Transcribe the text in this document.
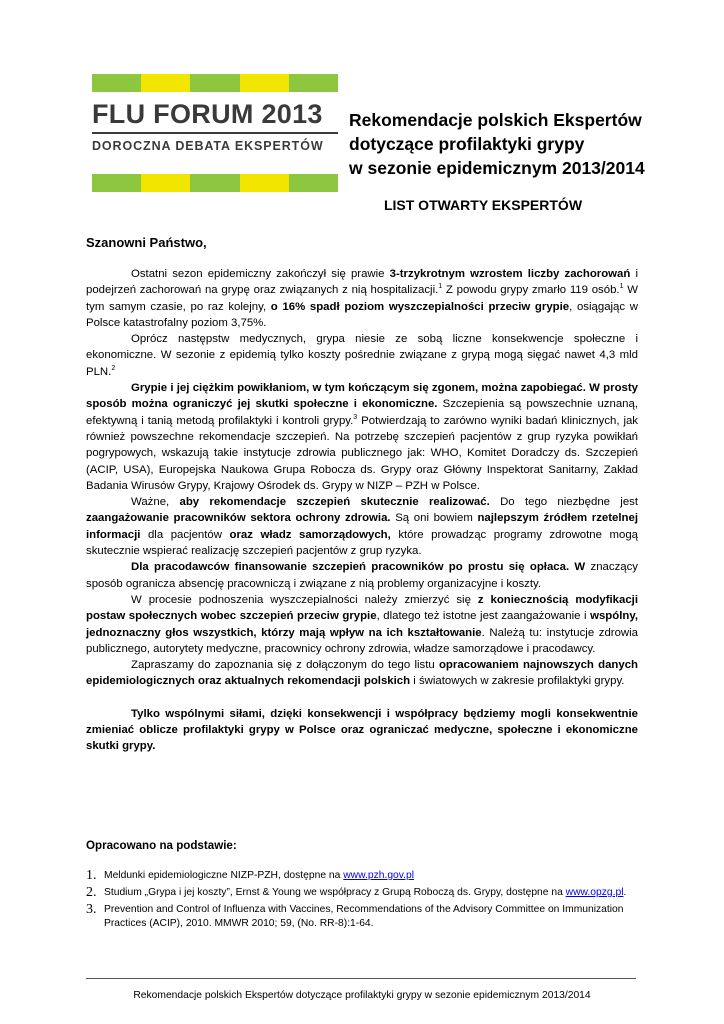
FLU FORUM 2013
DOROCZNA DEBATA EKSPERTÓW
Rekomendacje polskich Ekspertów
dotyczące profilaktyki grypy
w sezonie epidemicznym 2013/2014
LIST OTWARTY EKSPERTÓW
Szanowni Państwo,

Ostatni sezon epidemiczny zakończył się prawie 3-trzykrotnym wzrostem liczby zachorowań i podejrzeń zachorowań na grypę oraz związanych z nią hospitalizacji.$^1$ Z powodu grypy zmarło 119 osób.$^1$ W tym samym czasie, po raz kolejny, o 16% spadł poziom wyszczepialności przeciw grypie, osiągając w Polsce katastrofalny poziom 3,75%.

Oprócz następstw medycznych, grypa niesie ze sobą liczne konsekwencje społeczne i ekonomiczne. W sezonie z epidemią tylko koszty pośrednie związane z grypą mogą sięgać nawet 4,3 mld PLN.$^2$

Grypie i jej ciężkim powikłaniom, w tym kończącym się zgonem, można zapobiegać. W prosty sposób można ograniczyć jej skutki społeczne i ekonomiczne. Szczepienia są powszechnie uznaną, efektywną i tanią metodą profilaktyki i kontroli grypy.$^3$ Potwierdzają to zarówno wyniki badań klinicznych, jak również powszechne rekomendacje szczepień. Na potrzebę szczepień pacjentów z grup ryzyka powikłań pogrypowych, wskazują takie instytucje zdrowia publicznego jak: WHO, Komitet Doradczy ds. Szczepień (ACIP, USA), Europejska Naukowa Grupa Robocza ds. Grypy oraz Główny Inspektorat Sanitarny, Zakład Badania Wirusów Grypy, Krajowy Ośrodek ds. Grypy w NIZP – PZH w Polsce.

Ważne, aby rekomendacje szczepień skutecznie realizować. Do tego niezbędne jest zaangażowanie pracowników sektora ochrony zdrowia. Są oni bowiem najlepszym źródłem rzetelnej informacji dla pacjentów oraz władz samorządowych, które prowadząc programy zdrowotne mogą skutecznie wspierać realizację szczepień pacjentów z grup ryzyka.

Dla pracodawców finansowanie szczepień pracowników po prostu się opłaca. W znaczący sposób ogranicza absencję pracowniczą i związane z nią problemy organizacyjne i koszty.

W procesie podnoszenia wyszczepialności należy zmierzyć się z koniecznością modyfikacji postaw społecznych wobec szczepień przeciw grypie, dlatego też istotne jest zaangażowanie i wspólny, jednoznaczny głos wszystkich, którzy mają wpływ na ich kształtowanie. Należą tu: instytucje zdrowia publicznego, autorytety medyczne, pracownicy ochrony zdrowia, władze samorządowe i pracodawcy.

Zapraszamy do zapoznania się z dołączonym do tego listu opracowaniem najnowszych danych epidemiologicznych oraz aktualnych rekomendacji polskich i światowych w zakresie profilaktyki grypy.

Tylko wspólnymi siłami, dzięki konsekwencji i współpracy będziemy mogli konsekwentnie zmieniać oblicze profilaktyki grypy w Polsce oraz ograniczać medyczne, społeczne i ekonomiczne skutki grypy.

Opracowano na podstawie:
1. Meldunki epidemiologiczne NIZP-PZH, dostępne na www.pzh.gov.pl
2. Studium „Grypa i jej koszty”, Ernst & Young we współpracy z Grupą Roboczą ds. Grypy, dostępne na www.opzg.pl.
3. Prevention and Control of Influenza with Vaccines, Recommendations of the Advisory Committee on Immunization Practices (ACIP), 2010. MMWR 2010; 59, (No. RR-8):1-64.
Rekomendacje polskich Ekspertów dotyczące profilaktyki grypy w sezonie epidemicznym 2013/2014
